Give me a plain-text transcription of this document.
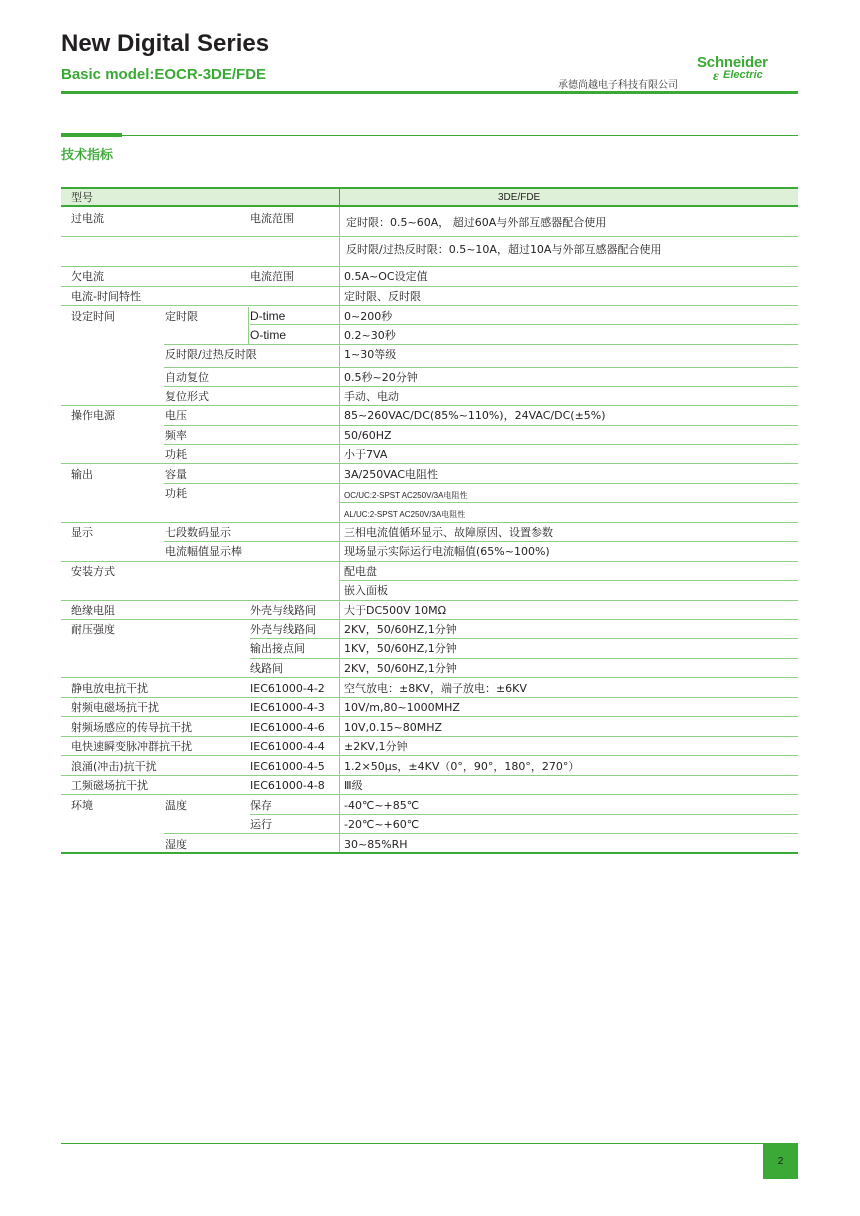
New Digital Series
Basic model:EOCR-3DE/FDE
承德尚越电子科技有限公司
Schneider
ɛ Electric
技术指标
型号	3DE/FDE
过电流	电流范围	定时限：0.5~60A， 超过60A与外部互感器配合使用
反时限/过热反时限：0.5~10A，超过10A与外部互感器配合使用
欠电流	电流范围	0.5A~OC设定值
电流-时间特性	定时限、反时限
设定时间	定时限	D-time	0~200秒
O-time	0.2~30秒
反时限/过热反时限	1~30等级
自动复位	0.5秒~20分钟
复位形式	手动、电动
操作电源	电压	85~260VAC/DC(85%~110%)，24VAC/DC(±5%)
频率	50/60HZ
功耗	小于7VA
输出	容量	3A/250VAC电阻性
功耗	OC/UC:2-SPST AC250V/3A电阻性
AL/UC:2-SPST AC250V/3A电阻性
显示	七段数码显示	三相电流值循环显示、故障原因、设置参数
电流幅值显示棒	现场显示实际运行电流幅值(65%~100%)
安装方式	配电盘
嵌入面板
绝缘电阻	外壳与线路间	大于DC500V 10MΩ
耐压强度	外壳与线路间	2KV，50/60HZ,1分钟
输出接点间	1KV，50/60HZ,1分钟
线路间	2KV，50/60HZ,1分钟
静电放电抗干扰	IEC61000-4-2 空气放电：±8KV，端子放电：±6KV
射频电磁场抗干扰	IEC61000-4-3 10V/m,80~1000MHZ
射频场感应的传导抗干扰	IEC61000-4-6 10V,0.15~80MHZ
电快速瞬变脉冲群抗干扰	IEC61000-4-4 ±2KV,1分钟
浪涌(冲击)抗干扰	IEC61000-4-5 1.2×50μs，±4KV（0°，90°，180°，270°）
工频磁场抗干扰	IEC61000-4-8 Ⅲ级
环境	温度	保存	-40℃~+85℃
运行	-20℃~+60℃
湿度	30~85%RH
2
